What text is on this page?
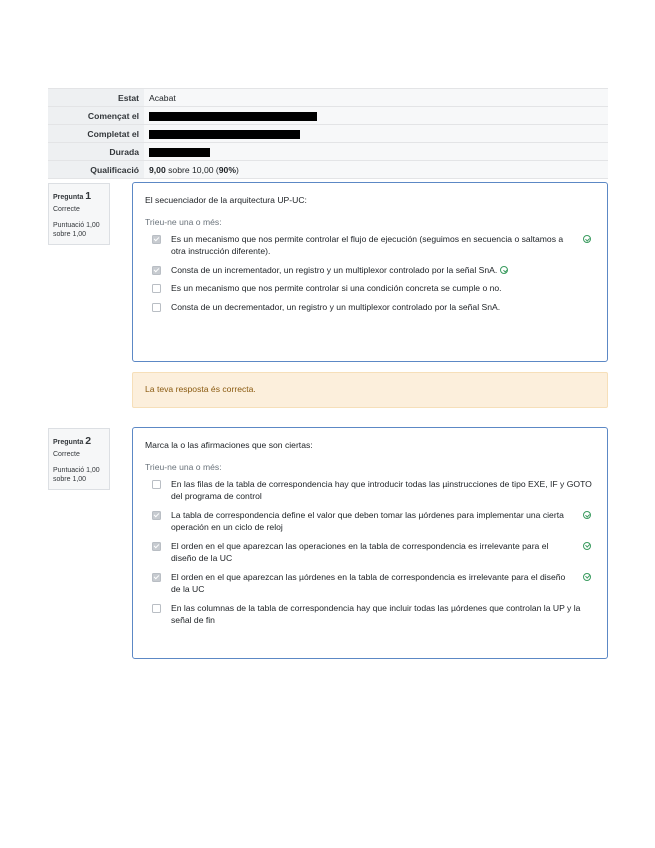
Estat	Acabat
Començat el	
Completat el	
Durada	
Qualificació	9,00 sobre 10,00 (90%)
Pregunta 1
Correcte
Puntuació 1,00 sobre 1,00
El secuenciador de la arquitectura UP-UC:
Trieu-ne una o més:
Es un mecanismo que nos permite controlar el flujo de ejecución (seguimos en secuencia o saltamos a otra instrucción diferente).
Consta de un incrementador, un registro y un multiplexor controlado por la señal SnA.
Es un mecanismo que nos permite controlar si una condición concreta se cumple o no.
Consta de un decrementador, un registro y un multiplexor controlado por la señal SnA.
La teva resposta és correcta.
Pregunta 2
Correcte
Puntuació 1,00 sobre 1,00
Marca la o las afirmaciones que son ciertas:
Trieu-ne una o més:
En las filas de la tabla de correspondencia hay que introducir todas las µinstrucciones de tipo EXE, IF y GOTO del programa de control
La tabla de correspondencia define el valor que deben tomar las µórdenes para implementar una cierta operación en un ciclo de reloj
El orden en el que aparezcan las operaciones en la tabla de correspondencia es irrelevante para el diseño de la UC
El orden en el que aparezcan las µórdenes en la tabla de correspondencia es irrelevante para el diseño de la UC
En las columnas de la tabla de correspondencia hay que incluir todas las µórdenes que controlan la UP y la señal de fin
